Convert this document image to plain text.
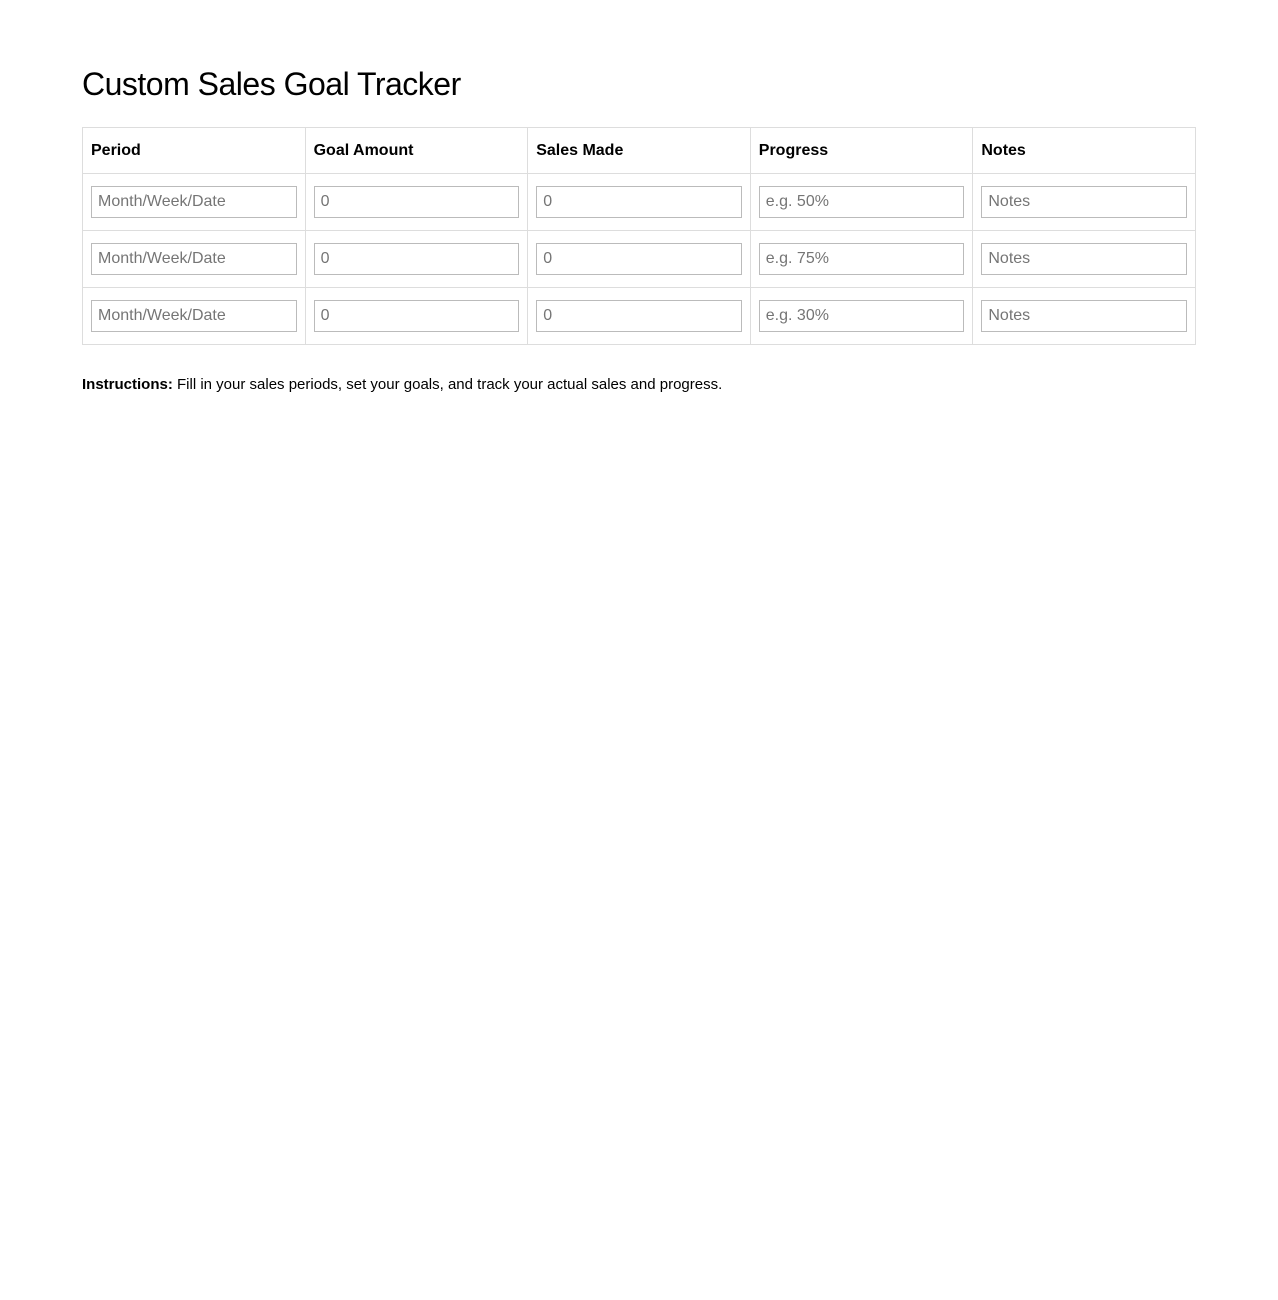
Custom Sales Goal Tracker
Period	Goal Amount	Sales Made	Progress	Notes

Month/Week/Date	
0	
0	
e.g. 50%	
Notes

Month/Week/Date	
0	
0	
e.g. 75%	
Notes

Month/Week/Date	
0	
0	
e.g. 30%	
Notes

Instructions: Fill in your sales periods, set your goals, and track your actual sales and progress.
